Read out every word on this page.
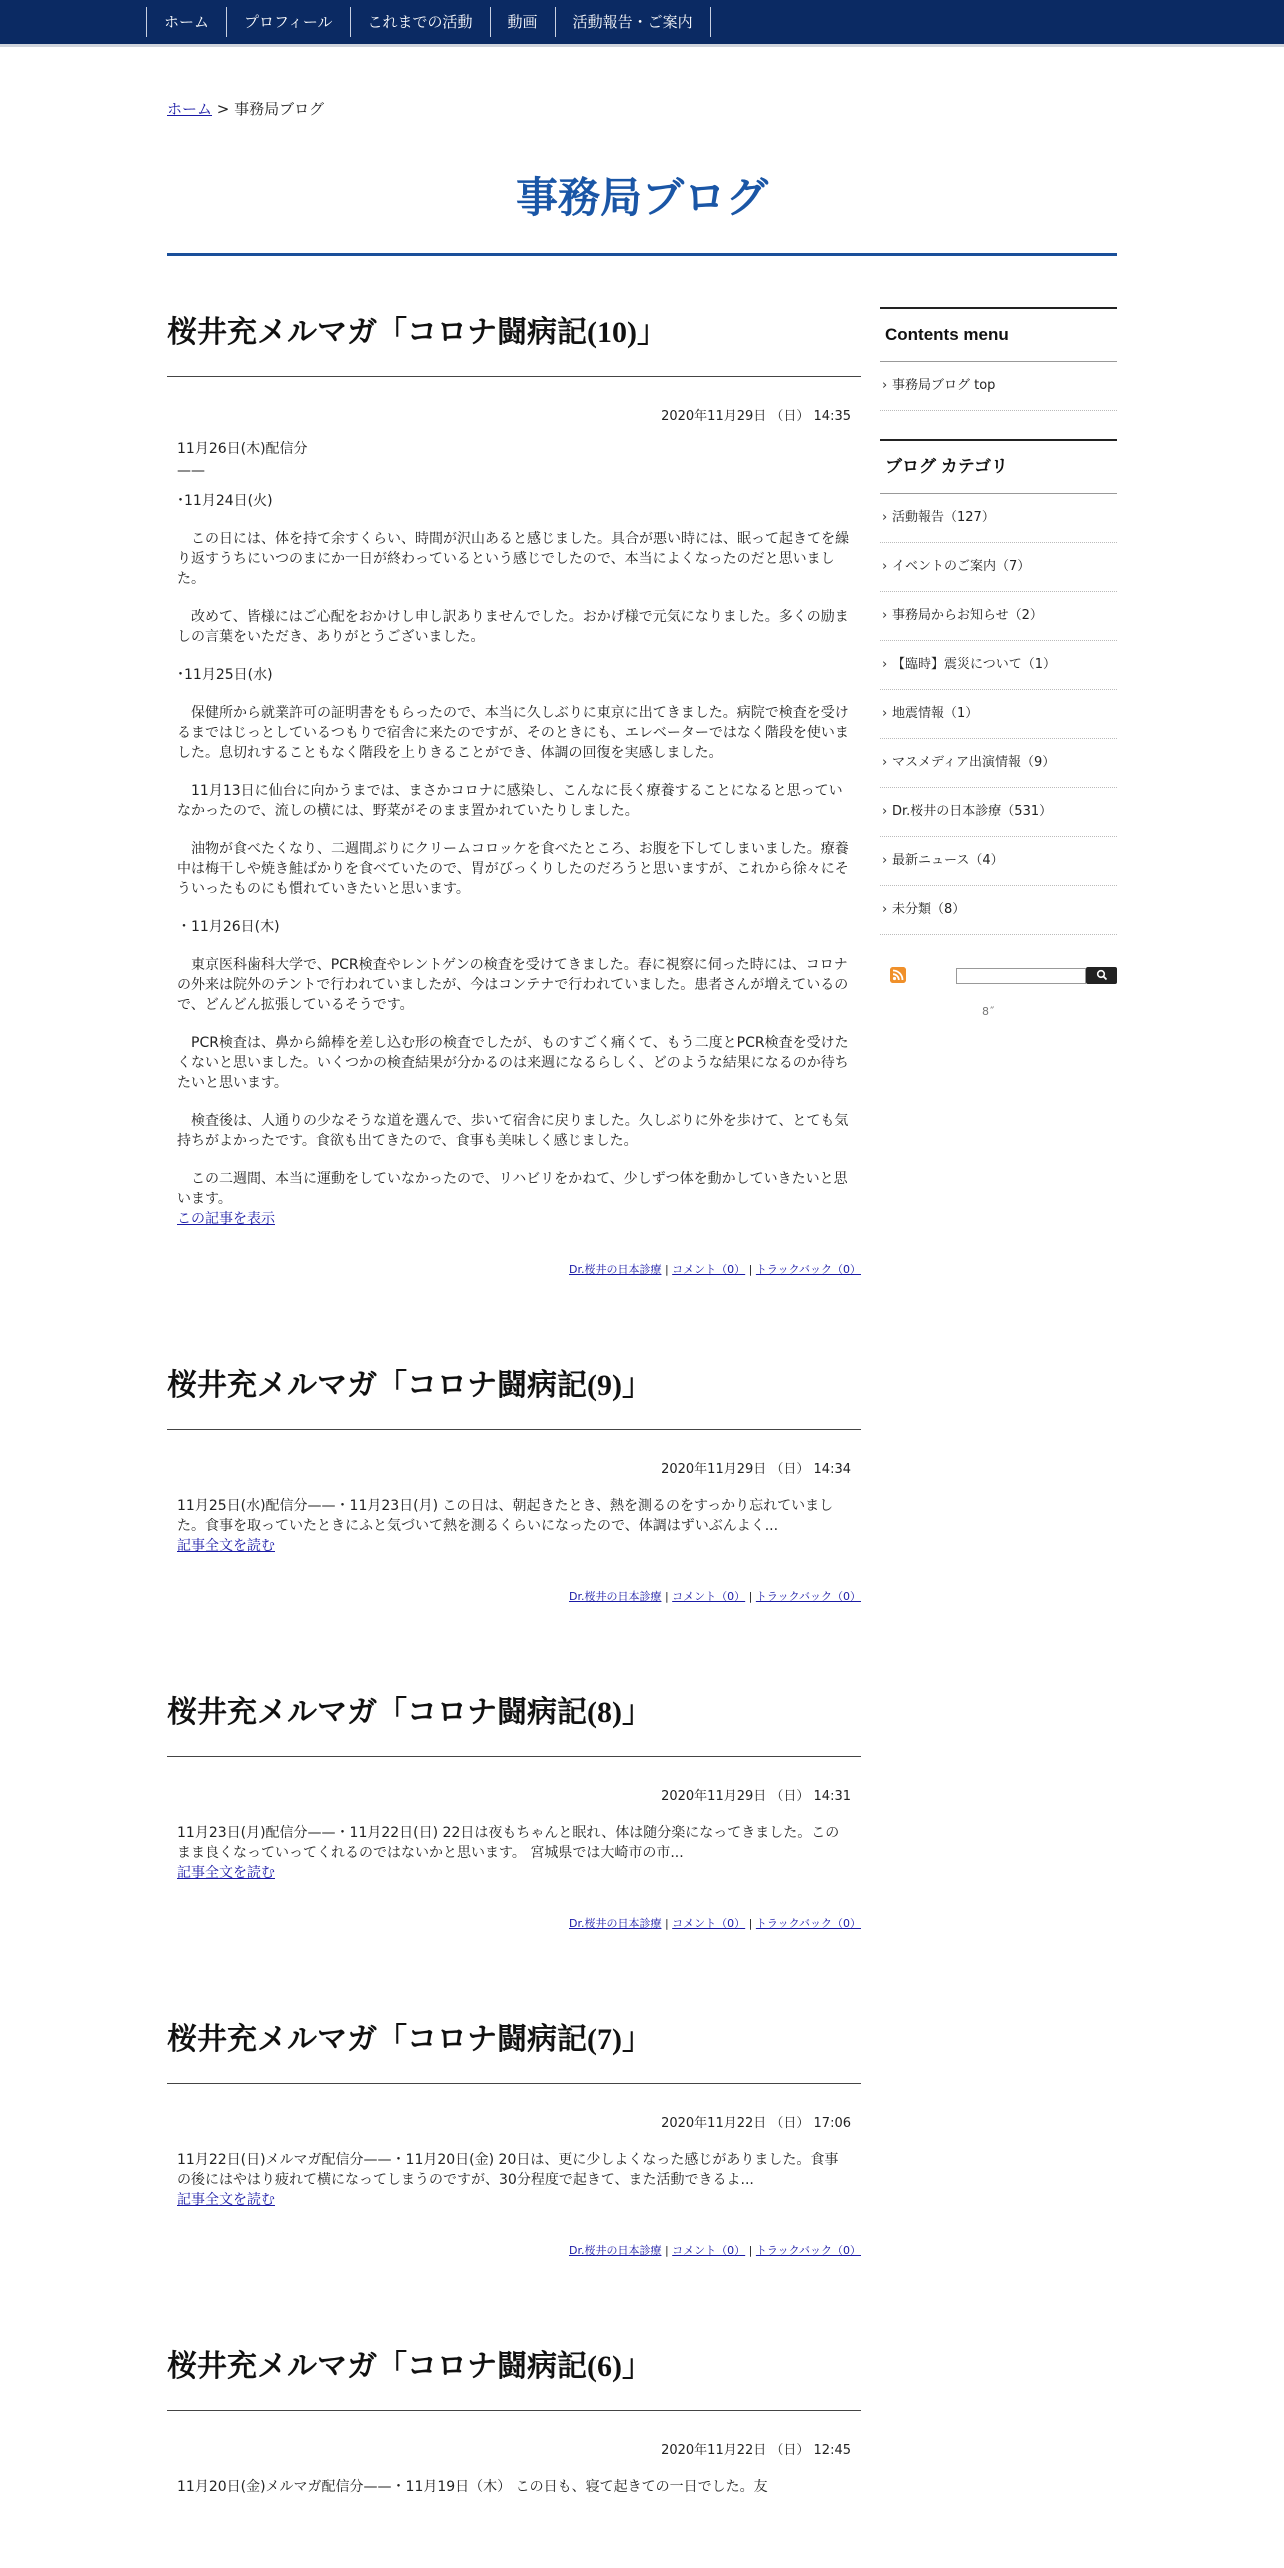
ホーム	プロフィール	これまでの活動	動画	活動報告・ご案内
ホーム > 事務局ブログ
事務局ブログ
桜井充メルマガ「コロナ闘病記(10)」
2020年11月29日 （日） 14:35

11月26日(木)配信分

——

･11月24日(火)

この日には、体を持て余すくらい、時間が沢山あると感じました。具合が悪い時には、眠って起きてを繰り返すうちにいつのまにか一日が終わっているという感じでしたので、本当によくなったのだと思いました。

改めて、皆様にはご心配をおかけし申し訳ありませんでした。おかげ様で元気になりました。多くの励ましの言葉をいただき、ありがとうございました。

･11月25日(水)

保健所から就業許可の証明書をもらったので、本当に久しぶりに東京に出てきました。病院で検査を受けるまではじっとしているつもりで宿舎に来たのですが、そのときにも、エレベーターではなく階段を使いました。息切れすることもなく階段を上りきることができ、体調の回復を実感しました。

11月13日に仙台に向かうまでは、まさかコロナに感染し、こんなに長く療養することになると思っていなかったので、流しの横には、野菜がそのまま置かれていたりしました。

油物が食べたくなり、二週間ぶりにクリームコロッケを食べたところ、お腹を下してしまいました。療養中は梅干しや焼き鮭ばかりを食べていたので、胃がびっくりしたのだろうと思いますが、これから徐々にそういったものにも慣れていきたいと思います。

・11月26日(木)

東京医科歯科大学で、PCR検査やレントゲンの検査を受けてきました。春に視察に伺った時には、コロナの外来は院外のテントで行われていましたが、今はコンテナで行われていました。患者さんが増えているので、どんどん拡張しているそうです。

PCR検査は、鼻から綿棒を差し込む形の検査でしたが、ものすごく痛くて、もう二度とPCR検査を受けたくないと思いました。いくつかの検査結果が分かるのは来週になるらしく、どのような結果になるのか待ちたいと思います。

検査後は、人通りの少なそうな道を選んで、歩いて宿舎に戻りました。久しぶりに外を歩けて、とても気持ちがよかったです。食欲も出てきたので、食事も美味しく感じました。

この二週間、本当に運動をしていなかったので、リハビリをかねて、少しずつ体を動かしていきたいと思います。

この記事を表示

Dr.桜井の日本診療 | コメント（0） | トラックバック（0）
桜井充メルマガ「コロナ闘病記(9)」
2020年11月29日 （日） 14:34

11月25日(水)配信分——・11月23日(月) この日は、朝起きたとき、熱を測るのをすっかり忘れていました。食事を取っていたときにふと気づいて熱を測るくらいになったので、体調はずいぶんよく...

記事全文を読む

Dr.桜井の日本診療 | コメント（0） | トラックバック（0）
桜井充メルマガ「コロナ闘病記(8)」
2020年11月29日 （日） 14:31

11月23日(月)配信分——・11月22日(日) 22日は夜もちゃんと眠れ、体は随分楽になってきました。このまま良くなっていってくれるのではないかと思います。 宮城県では大崎市の市...

記事全文を読む

Dr.桜井の日本診療 | コメント（0） | トラックバック（0）
桜井充メルマガ「コロナ闘病記(7)」
2020年11月22日 （日） 17:06

11月22日(日)メルマガ配信分——・11月20日(金) 20日は、更に少しよくなった感じがありました。食事の後にはやはり疲れて横になってしまうのですが、30分程度で起きて、また活動できるよ...

記事全文を読む

Dr.桜井の日本診療 | コメント（0） | トラックバック（0）
桜井充メルマガ「コロナ闘病記(6)」
2020年11月22日 （日） 12:45

11月20日(金)メルマガ配信分——・11月19日（木） この日も、寝て起きての一日でした。友

Contents menu
› 事務局ブログ top
ブログ カテゴリ
› 活動報告（127）
› イベントのご案内（7）
› 事務局からお知らせ（2）
› 【臨時】震災について（1）
› 地震情報（1）
› マスメディア出演情報（9）
› Dr.桜井の日本診療（531）
› 最新ニュース（4）
› 未分類（8）
8˝
